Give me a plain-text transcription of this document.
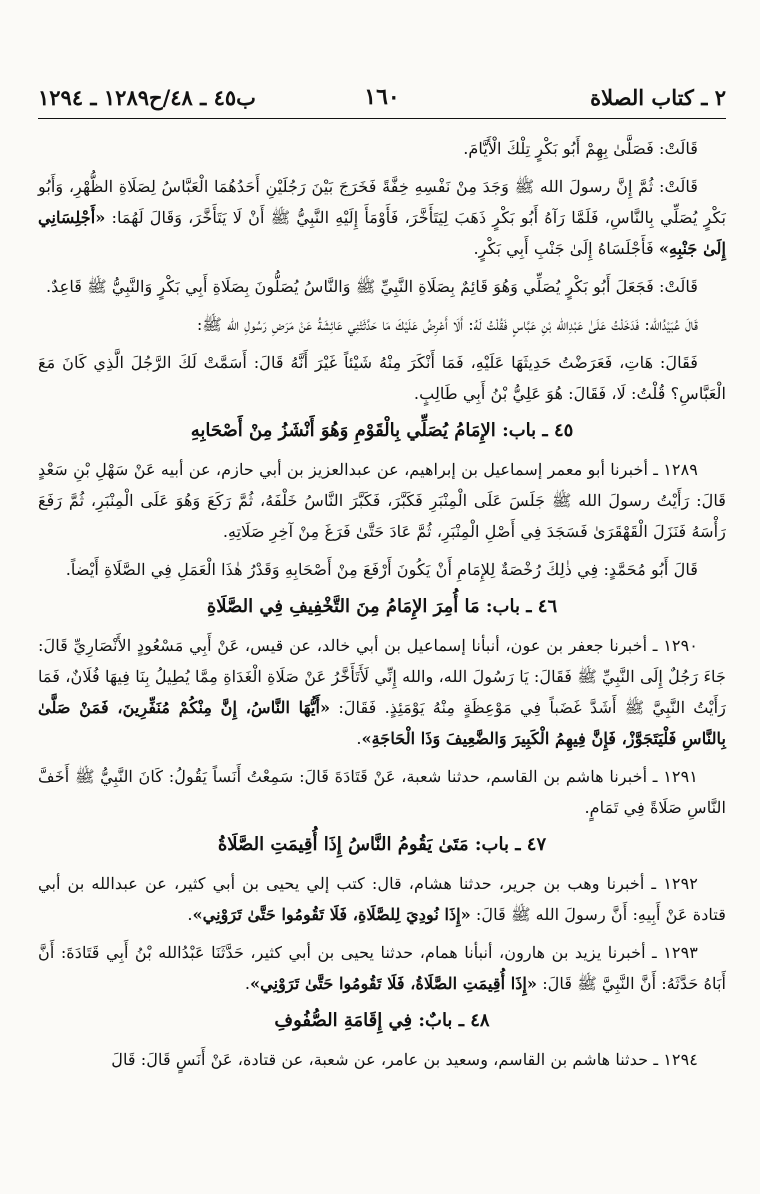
٢ ـ كتاب الصلاة
١٦٠
ب٤٥ ـ ٤٨/ح١٢٨٩ ـ ١٢٩٤

قَالَتْ: فَصَلَّىٰ بِهِمْ أَبُو بَكْرٍ تِلْكَ الْأَيَّامَ.

قَالَتْ: ثُمَّ إِنَّ رسولَ الله ﷺ وَجَدَ مِنْ نَفْسِهِ خِفَّةً فَخَرَجَ بَيْنَ رَجُلَيْنِ أَحَدُهُمَا الْعَبَّاسُ لِصَلَاةِ الظُّهْرِ، وَأَبُو بَكْرٍ يُصَلِّي بِالنَّاسِ، فَلَمَّا رَآهُ أَبُو بَكْرٍ ذَهَبَ لِيَتَأَخَّرَ، فَأَوْمَأَ إِلَيْهِ النَّبِيُّ ﷺ أَنْ لَا يَتَأَخَّرَ، وَقَالَ لَهُمَا: «أَجْلِسَانِي إِلَىٰ جَنْبِهِ» فَأَجْلَسَاهُ إِلَىٰ جَنْبِ أَبِي بَكْرٍ.

قَالَتْ: فَجَعَلَ أَبُو بَكْرٍ يُصَلِّي وَهُوَ قَائِمٌ بِصَلَاةِ النَّبِيِّ ﷺ وَالنَّاسُ يُصَلُّونَ بِصَلَاةِ أَبِي بَكْرٍ وَالنَّبِيُّ ﷺ قَاعِدٌ.

قَالَ عُبَيْدُالله: فَدَخَلْتُ عَلَىٰ عَبْدِالله بْنِ عَبَّاسٍ فَقُلْتُ لَهُ: أَلَا أَعْرِضُ عَلَيْكَ مَا حَدَّثَتْنِي عَائِشَةُ عَنْ مَرَضِ رَسُولِ الله ﷺ:

فَقَالَ: هَاتِ، فَعَرَضْتُ حَدِيثَهَا عَلَيْهِ، فَمَا أَنْكَرَ مِنْهُ شَيْئاً غَيْرَ أَنَّهُ قَالَ: أَسَمَّتْ لَكَ الرَّجُلَ الَّذِي كَانَ مَعَ الْعَبَّاسِ؟ قُلْتُ: لَا، فَقَالَ: هُوَ عَلِيُّ بْنُ أَبِي طَالِبٍ.

٤٥ ـ باب: الإِمَامُ يُصَلِّي بِالْقَوْمِ وَهُوَ أَنْشَزُ مِنْ أَصْحَابِهِ

١٢٨٩ ـ أخبرنا أبو معمر إسماعيل بن إبراهيم، عن عبدالعزيز بن أبي حازم، عن أبيه عَنْ سَهْلِ بْنِ سَعْدٍ قَالَ: رَأَيْتُ رسولَ الله ﷺ جَلَسَ عَلَى الْمِنْبَرِ فَكَبَّرَ، فَكَبَّرَ النَّاسُ خَلْفَهُ، ثُمَّ رَكَعَ وَهُوَ عَلَى الْمِنْبَرِ، ثُمَّ رَفَعَ رَأْسَهُ فَنَزَلَ الْقَهْقَرَىٰ فَسَجَدَ فِي أَصْلِ الْمِنْبَرِ، ثُمَّ عَادَ حَتَّىٰ فَرَغَ مِنْ آخِرِ صَلَاتِهِ.

قَالَ أَبُو مُحَمَّدٍ: فِي ذٰلِكَ رُخْصَةٌ لِلإِمَامِ أَنْ يَكُونَ أَرْفَعَ مِنْ أَصْحَابِهِ وَقَدْرُ هٰذَا الْعَمَلِ فِي الصَّلَاةِ أَيْضاً.

٤٦ ـ باب: مَا أُمِرَ الإِمَامُ مِنَ التَّخْفِيفِ فِي الصَّلَاةِ

١٢٩٠ ـ أخبرنا جعفر بن عون، أنبأنا إسماعيل بن أبي خالد، عن قيس، عَنْ أَبِي مَسْعُودٍ الأَنْصَارِيِّ قَالَ: جَاءَ رَجُلٌ إِلَى النَّبِيِّ ﷺ فَقَالَ: يَا رَسُولَ الله، والله إِنِّي لَأَتَأَخَّرُ عَنْ صَلَاةِ الْغَدَاةِ مِمَّا يُطِيلُ بِنَا فِيهَا فُلَانٌ، فَمَا رَأَيْتُ النَّبِيَّ ﷺ أَشَدَّ غَضَباً فِي مَوْعِظَةٍ مِنْهُ يَوْمَئِذٍ. فَقَالَ: «أَيُّهَا النَّاسُ، إِنَّ مِنْكُمْ مُنَفِّرِينَ، فَمَنْ صَلَّىٰ بِالنَّاسِ فَلْيَتَجَوَّزْ، فَإِنَّ فِيهِمُ الْكَبِيرَ وَالضَّعِيفَ وَذَا الْحَاجَةِ».

١٢٩١ ـ أخبرنا هاشم بن القاسم، حدثنا شعبة، عَنْ قَتَادَةَ قَالَ: سَمِعْتُ أَنَساً يَقُولُ: كَانَ النَّبِيُّ ﷺ أَخَفَّ النَّاسِ صَلَاةً فِي تَمَامٍ.

٤٧ ـ باب: مَتَىٰ يَقُومُ النَّاسُ إِذَا أُقِيمَتِ الصَّلَاةُ

١٢٩٢ ـ أخبرنا وهب بن جرير، حدثنا هشام، قال: كتب إلي يحيى بن أبي كثير، عن عبدالله بن أبي قتادة عَنْ أَبِيهِ: أَنَّ رسولَ الله ﷺ قَالَ: «إِذَا نُودِيَ لِلصَّلَاةِ، فَلَا تَقُومُوا حَتَّىٰ تَرَوْنِي».

١٢٩٣ ـ أخبرنا يزيد بن هارون، أنبأنا همام، حدثنا يحيى بن أبي كثير، حَدَّثَنَا عَبْدُالله بْنُ أَبِي قَتَادَةَ: أَنَّ أَبَاهُ حَدَّثَهُ: أَنَّ النَّبِيَّ ﷺ قَالَ: «إِذَا أُقِيمَتِ الصَّلَاةُ، فَلَا تَقُومُوا حَتَّىٰ تَرَوْنِي».

٤٨ ـ بابٌ: فِي إِقَامَةِ الصُّفُوفِ

١٢٩٤ ـ حدثنا هاشم بن القاسم، وسعيد بن عامر، عن شعبة، عن قتادة، عَنْ أَنَسٍ قَالَ: قَالَ
